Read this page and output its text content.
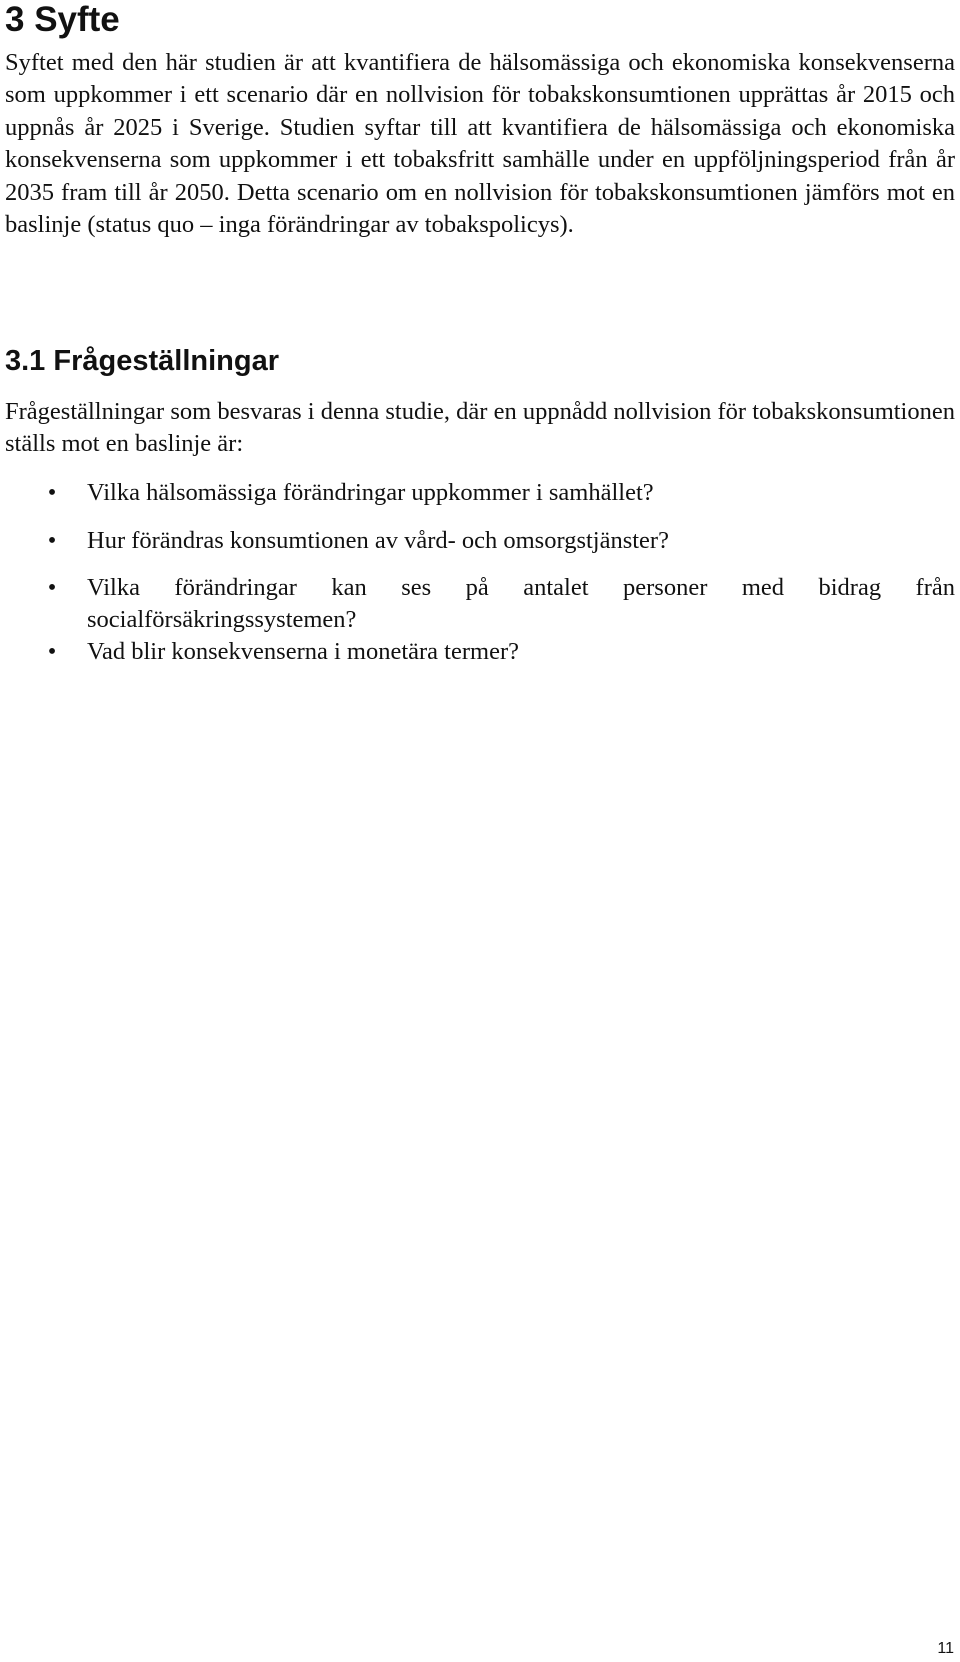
3 Syfte

Syftet med den här studien är att kvantifiera de hälsomässiga och ekonomiska konsekvenserna som uppkommer i ett scenario där en nollvision för tobakskonsumtionen upprättas år 2015 och uppnås år 2025 i Sverige. Studien syftar till att kvantifiera de hälsomässiga och ekonomiska konsekvenserna som uppkommer i ett tobaksfritt samhälle under en uppföljningsperiod från år 2035 fram till år 2050. Detta scenario om en nollvision för tobakskonsumtionen jämförs mot en baslinje (status quo – inga förändringar av tobakspolicys).

3.1 Frågeställningar

Frågeställningar som besvaras i denna studie, där en uppnådd nollvision för tobakskonsumtionen ställs mot en baslinje är:

• Vilka hälsomässiga förändringar uppkommer i samhället?
• Hur förändras konsumtionen av vård- och omsorgstjänster?
• Vilka förändringar kan ses på antalet personer med bidrag från socialförsäkringssystemen?
• Vad blir konsekvenserna i monetära termer?
11
